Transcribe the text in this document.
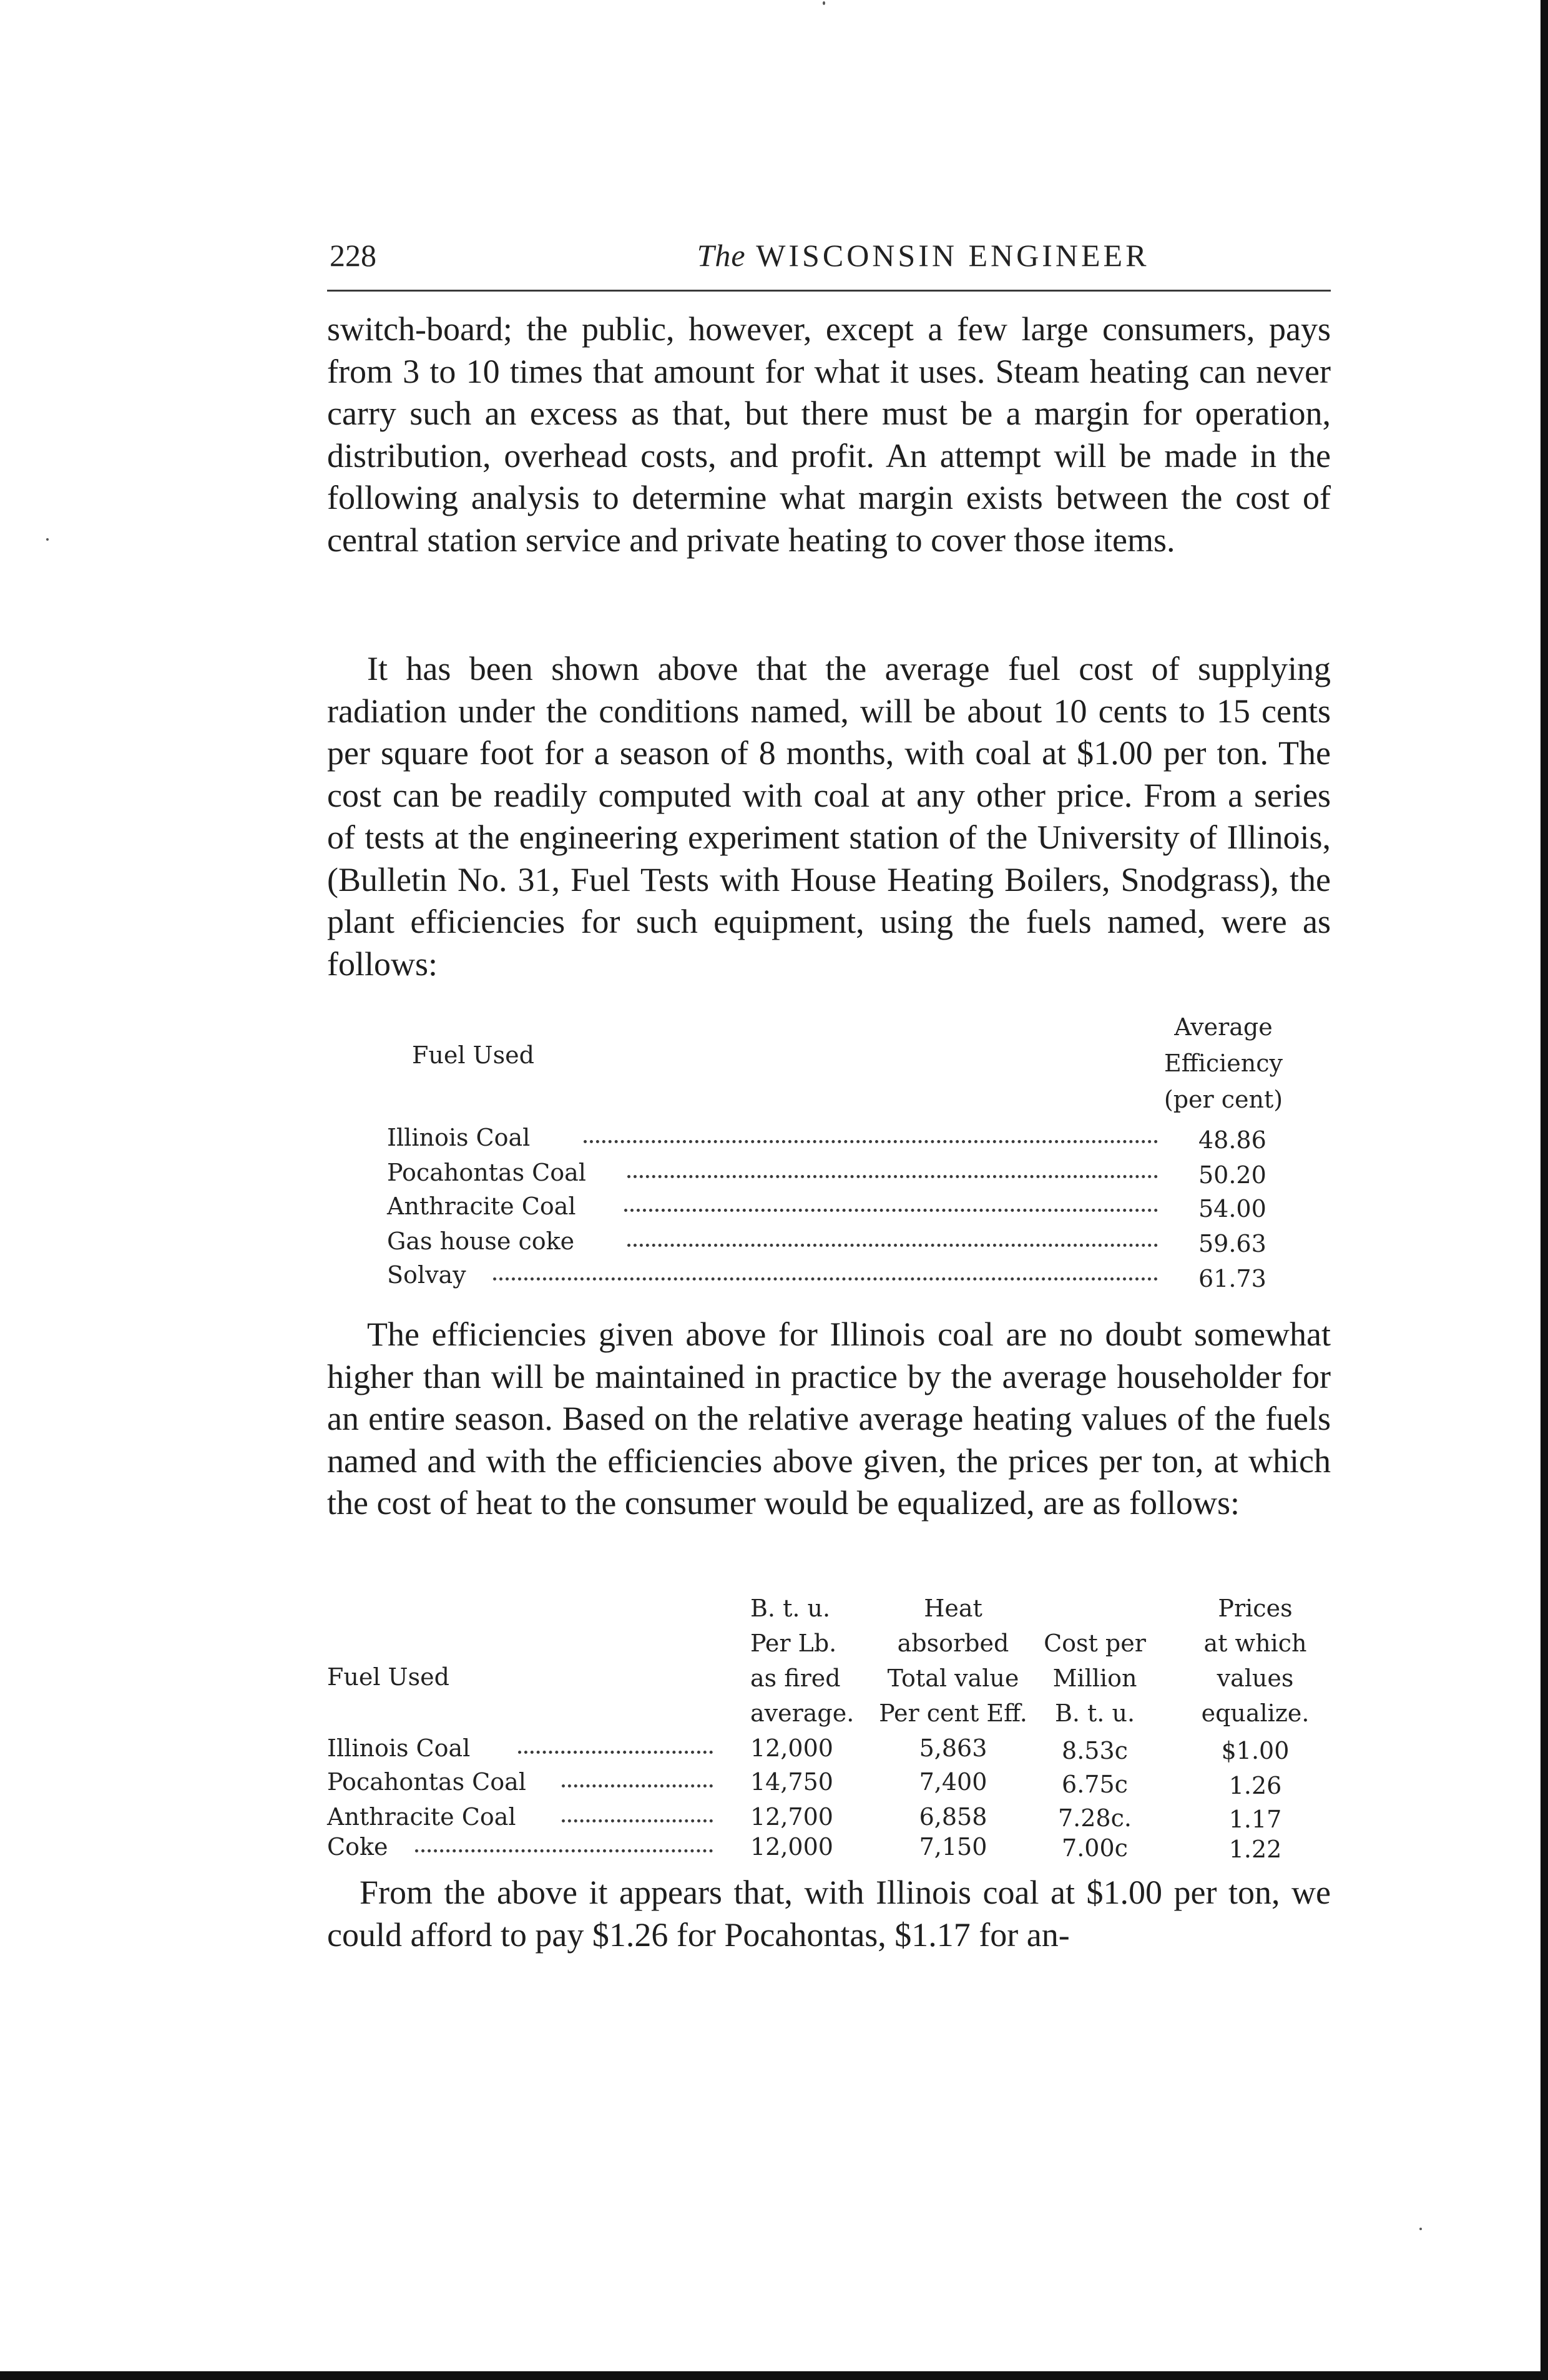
228	The WISCONSIN ENGINEER

switch-board; the public, however, except a few large consumers, pays from 3 to 10 times that amount for what it uses. Steam heating can never carry such an excess as that, but there must be a margin for operation, distribution, overhead costs, and profit. An attempt will be made in the following analysis to determine what margin exists between the cost of central station service and private heating to cover those items.

It has been shown above that the average fuel cost of supplying radiation under the conditions named, will be about 10 cents to 15 cents per square foot for a season of 8 months, with coal at $1.00 per ton. The cost can be readily computed with coal at any other price. From a series of tests at the engineering experiment station of the University of Illinois, (Bulletin No. 31, Fuel Tests with House Heating Boilers, Snodgrass), the plant efficiencies for such equipment, using the fuels named, were as follows:

Fuel Used
Average
Efficiency
(per cent)
Illinois Coal	48.86
Pocahontas Coal	50.20
Anthracite Coal	54.00
Gas house coke	59.63
Solvay	61.73

The efficiencies given above for Illinois coal are no doubt somewhat higher than will be maintained in practice by the average householder for an entire season. Based on the relative average heating values of the fuels named and with the efficiencies above given, the prices per ton, at which the cost of heat to the consumer would be equalized, are as follows:

Fuel Used
B. t. u.
Per Lb.
as fired
average.
Heat
absorbed
Total value
Per cent Eff.
Cost per
Million
B. t. u.
Prices
at which
values
equalize.
Illinois Coal	12,000	5,863	8.53c	$1.00
Pocahontas Coal	14,750	7,400	6.75c	1.26
Anthracite Coal	12,700	6,858	7.28c.	1.17
Coke	12,000	7,150	7.00c	1.22

From the above it appears that, with Illinois coal at $1.00 per ton, we could afford to pay $1.26 for Pocahontas, $1.17 for an-
